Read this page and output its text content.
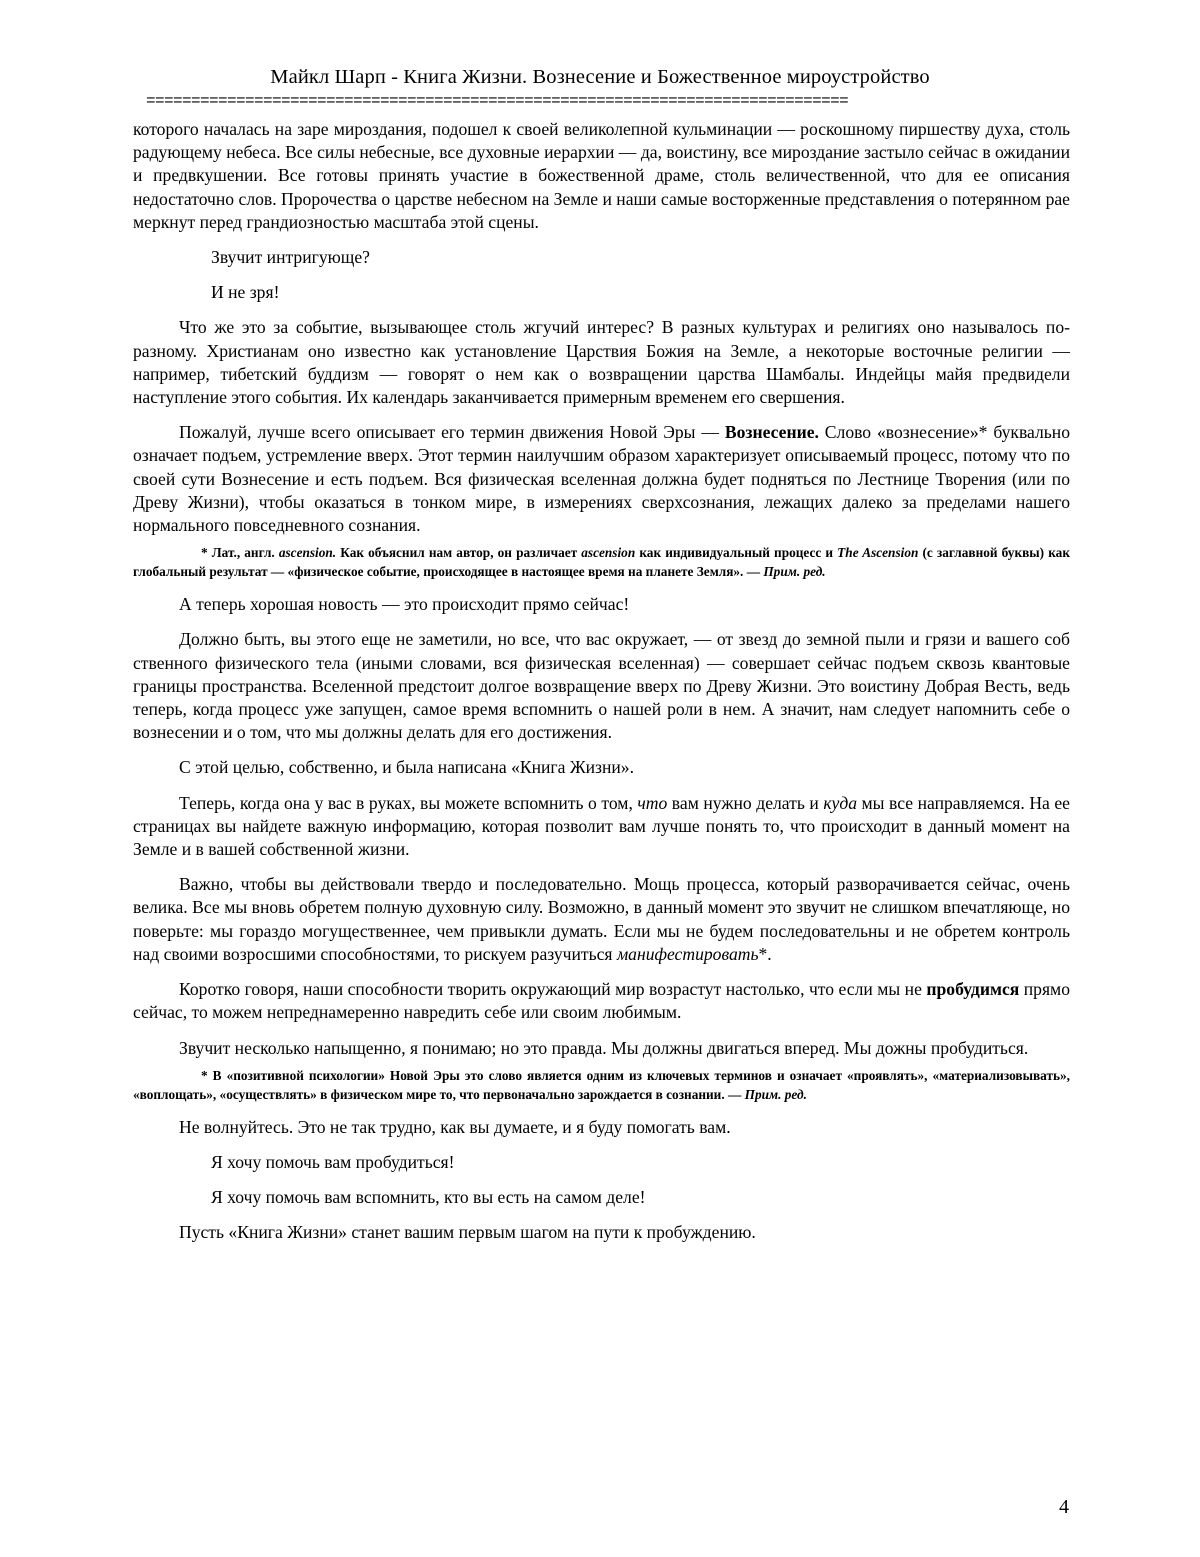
Майкл Шарп - Книга Жизни. Вознесение и Божественное мироустройство
==============================================================================

которого началась на заре мироздания, подошел к своей великолепной кульминации — роскошному пиршеству духа, столь радующему небеса. Все силы небесные, все духовные иерархии — да, воистину, все мироздание застыло сейчас в ожидании и предвкушении. Все готовы принять участие в божественной драме, столь величественной, что для ее описания недостаточно слов. Пророчества о царстве небесном на Земле и наши самые восторженные представления о потерянном рае меркнут перед грандиозностью масштаба этой сцены.

Звучит интригующе?

И не зря!

Что же это за событие, вызывающее столь жгучий интерес? В разных культурах и религиях оно называлось по-разному. Христианам оно известно как установление Царствия Божия на Земле, а некоторые восточные религии — например, тибетский буддизм — говорят о нем как о возвращении царства Шамбалы. Индейцы майя предвидели наступление этого события. Их календарь заканчивается примерным временем его свершения.

Пожалуй, лучше всего описывает его термин движения Новой Эры — Вознесение. Слово «вознесение»* буквально означает подъем, устремление вверх. Этот термин наилучшим образом характеризует описываемый процесс, потому что по своей сути Вознесение и есть подъем. Вся физическая вселенная должна будет подняться по Лестнице Творения (или по Древу Жизни), чтобы оказаться в тонком мире, в измерениях сверхсознания, лежащих далеко за пределами нашего нормального повседневного сознания.

* Лат., англ. ascension. Как объяснил нам автор, он различает ascension как индивидуальный процесс и The Ascension (с заглавной буквы) как глобальный результат — «физическое событие, происходящее в настоящее время на планете Земля». — Прим. ред.

А теперь хорошая новость — это происходит прямо сейчас!

Должно быть, вы этого еще не заметили, но все, что вас окружает, — от звезд до земной пыли и грязи и вашего соб ственного физического тела (иными словами, вся физическая вселенная) — совершает сейчас подъем сквозь квантовые границы пространства. Вселенной предстоит долгое возвращение вверх по Древу Жизни. Это воистину Добрая Весть, ведь теперь, когда процесс уже запущен, самое время вспомнить о нашей роли в нем. А значит, нам следует напомнить себе о вознесении и о том, что мы должны делать для его достижения.

С этой целью, собственно, и была написана «Книга Жизни».

Теперь, когда она у вас в руках, вы можете вспомнить о том, что вам нужно делать и куда мы все направляемся. На ее страницах вы найдете важную информацию, которая позволит вам лучше понять то, что происходит в данный момент на Земле и в вашей собственной жизни.

Важно, чтобы вы действовали твердо и последовательно. Мощь процесса, который разворачивается сейчас, очень велика. Все мы вновь обретем полную духовную силу. Возможно, в данный момент это звучит не слишком впечатляюще, но поверьте: мы гораздо могущественнее, чем привыкли думать. Если мы не будем последовательны и не обретем контроль над своими возросшими способностями, то рискуем разучиться манифестировать*.

Коротко говоря, наши способности творить окружающий мир возрастут настолько, что если мы не пробудимся прямо сейчас, то можем непреднамеренно навредить себе или своим любимым.

Звучит несколько напыщенно, я понимаю; но это правда. Мы должны двигаться вперед. Мы дожны пробудиться.

* В «позитивной психологии» Новой Эры это слово является одним из ключевых терминов и означает «проявлять», «материализовывать», «воплощать», «осуществлять» в физическом мире то, что первоначально зарождается в сознании. — Прим. ред.

Не волнуйтесь. Это не так трудно, как вы думаете, и я буду помогать вам.

Я хочу помочь вам пробудиться!

Я хочу помочь вам вспомнить, кто вы есть на самом деле!

Пусть «Книга Жизни» станет вашим первым шагом на пути к пробуждению.

4
